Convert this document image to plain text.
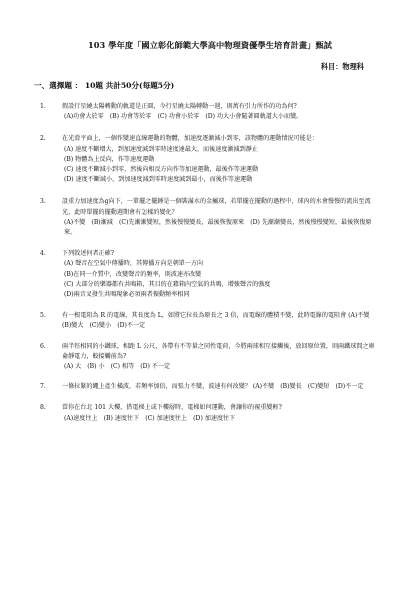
103 學年度「國立彰化師範大學高中物理資優學生培育計畫」甄試
科目：物理科
一、選擇題 ： 10題 共計50分(每題5分)
1.	假設行星繞太陽轉動的軌道是正圓，今行星繞太陽轉動一週，則萬有引力所作的功為何?

(A)功會大於零　(B) 功會等於零　(C) 功會小於零　(D) 功大小會隨著圓軌道大小而變。

2.	在光滑平面上，一個作變速直線運動的物體，加速度逐漸減小到零，該物體的運動情況可能是：

(A) 速度不斷增大，到加速度減到零時速度達最大，而後速度漸減到靜止

(B) 物體為上反向，作等速度運動

(C) 速度不斷減小到零，然後向相反方向作等加速運動，最後作等速運動

(D) 速度不斷減小，到加速度減到零時速度減到最小，而後作等速運動

3.	設重力加速度為g向下，一單擺之擺錘是一個裝滿水的金屬球，若單擺在擺動的過程中，球內的水會慢慢的流出至流光，此時單擺的擺動週期會有怎樣的變化？

(A)不變　(B)漸減　(C)先漸漸變短，然後慢慢變長，最後恢復原來　(D) 先漸漸變長，然後慢慢變短，最後恢復原來。

4.	下列敘述何者正確?

(A) 聲音在空氣中傳播時，其傳播方向是朝單一方向

(B)在同一介質中，改變聲音的頻率，則波速亦改變

(C) 大部分的樂器都有共鳴箱，其目的在藉箱內空氣的共鳴，增強聲音的強度

(D)兩音叉發生共鳴現象必須兩者振動頻率相同

5.	有一根電阻為 R 的電線，其長度為 L，如將它拉長為原長之 3 倍，而電線的體積不變，此時電線的電阻會 (A)不變　(B)變大　(C)變小　(D)不一定

6.	兩半徑相同的小鐵球，相距 L 公尺，各帶有不等量之同性電荷，今將兩球相互接觸後，放回原位置，則兩鐵球間之庫侖靜電力，較接觸前為?

(A) 大　(B) 小　(C) 相等　(D) 不一定

7.	一條拉緊的繩上產生橫波，若頻率加倍，而張力不變，波速有何改變？ (A)不變　(B)變長　(C)變短　(D)不一定

8.	當你在台北 101 大樓，搭電梯上或下樓層時，電梯如何運動，會讓你的視重變輕?

(A)速度往上　(B) 速度往下　(C) 加速度往上　(D) 加速度往下
